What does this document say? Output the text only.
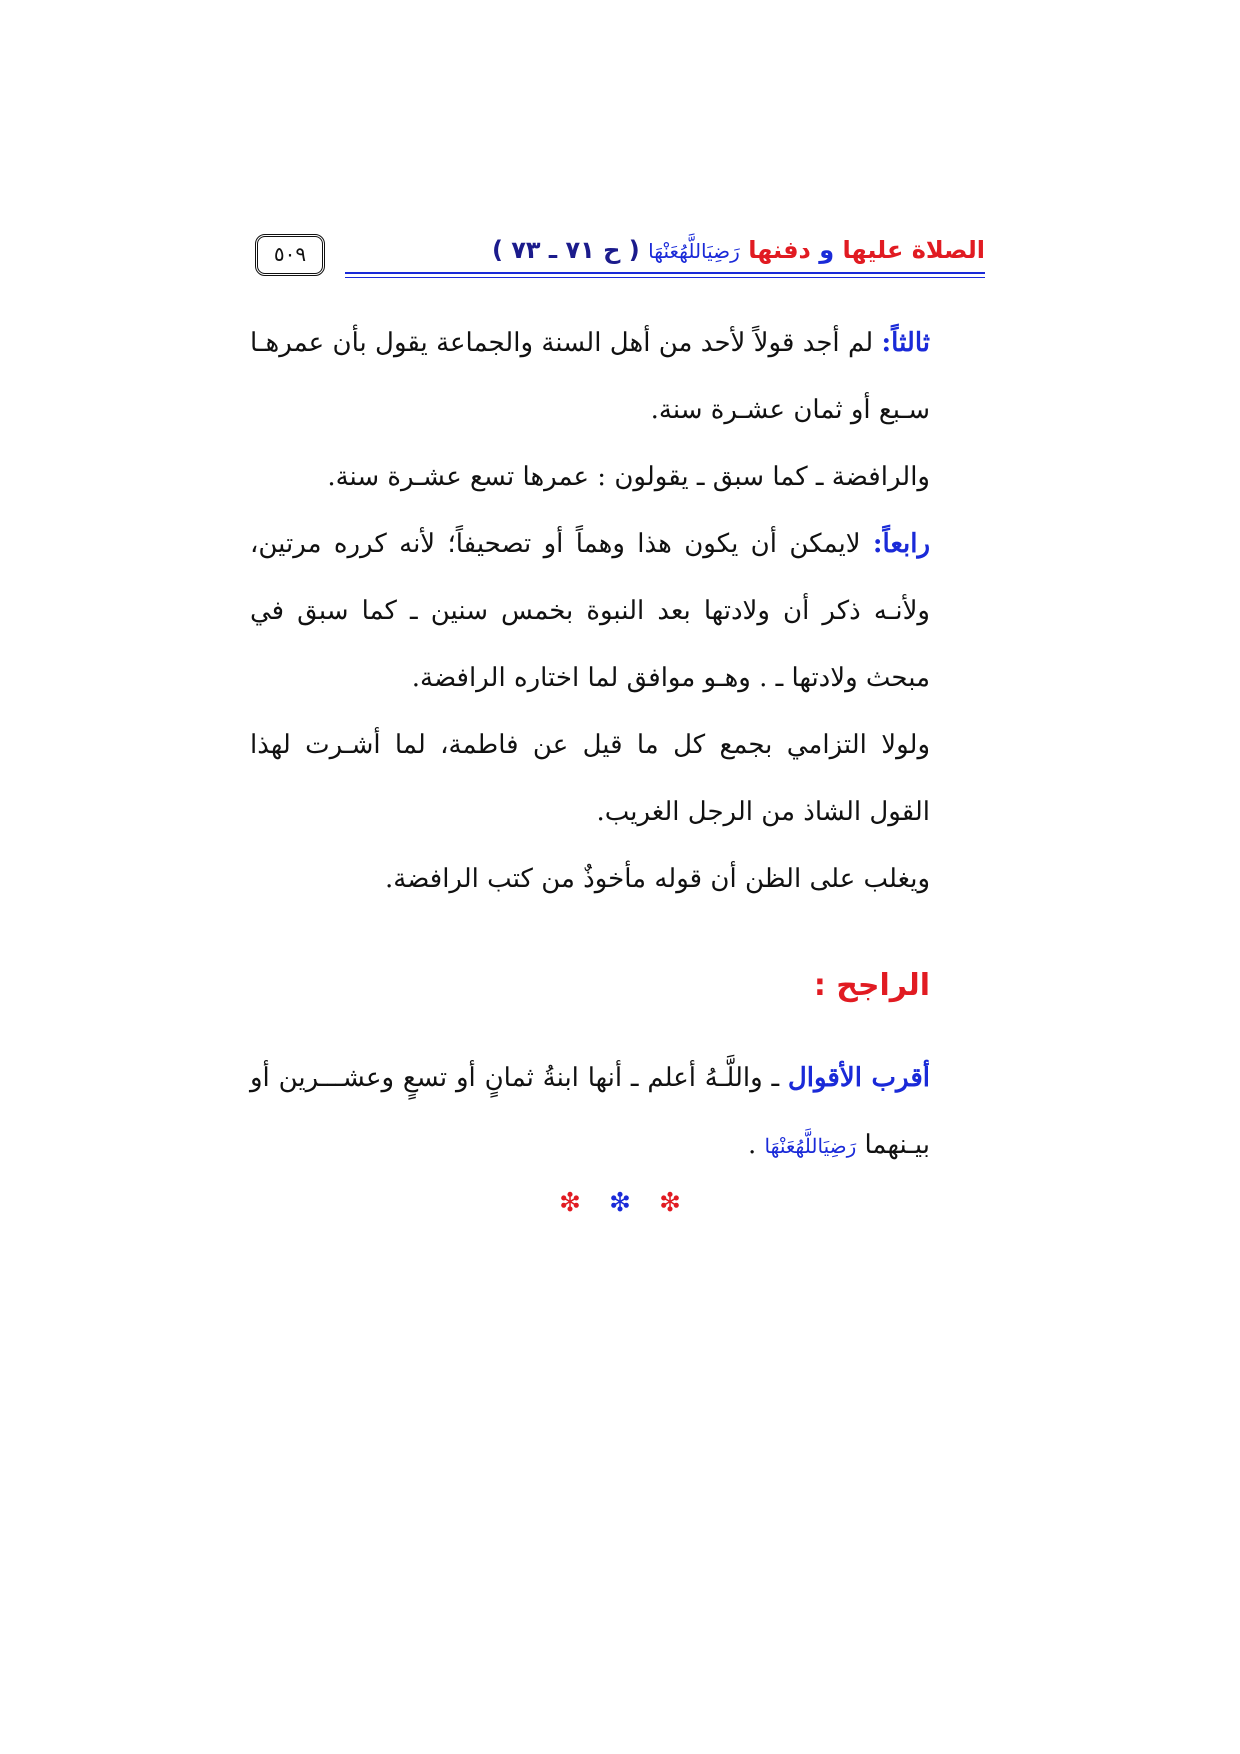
الصلاة عليها و دفنها رَضِيَاللَّهُعَنْهَا ( ح ٧١ ـ ٧٣ )
٥٠٩

ثالثاً: لم أجد قولاً لأحد من أهل السنة والجماعة يقول بأن عمرهـا سـبع أو ثمان عشـرة سنة.

والرافضة ـ كما سبق ـ يقولون : عمرها تسع عشـرة سنة.

رابعاً: لايمكن أن يكون هذا وهماً أو تصحيفاً؛ لأنه كرره مرتين، ولأنـه ذكر أن ولادتها بعد النبوة بخمس سنين ـ كما سبق في مبحث ولادتها ـ . وهـو موافق لما اختاره الرافضة.

ولولا التزامي بجمع كل ما قيل عن فاطمة، لما أشـرت لهذا القول الشاذ من الرجل الغريب.

ويغلب على الظن أن قوله مأخوذٌ من كتب الرافضة.

الراجح :

أقرب الأقوال ـ واللَّـهُ أعلم ـ أنها ابنةُ ثمانٍ أو تسعٍ وعشـــرين أو بيـنهما رَضِيَاللَّهُعَنْهَا .

❇ ❇ ❇
